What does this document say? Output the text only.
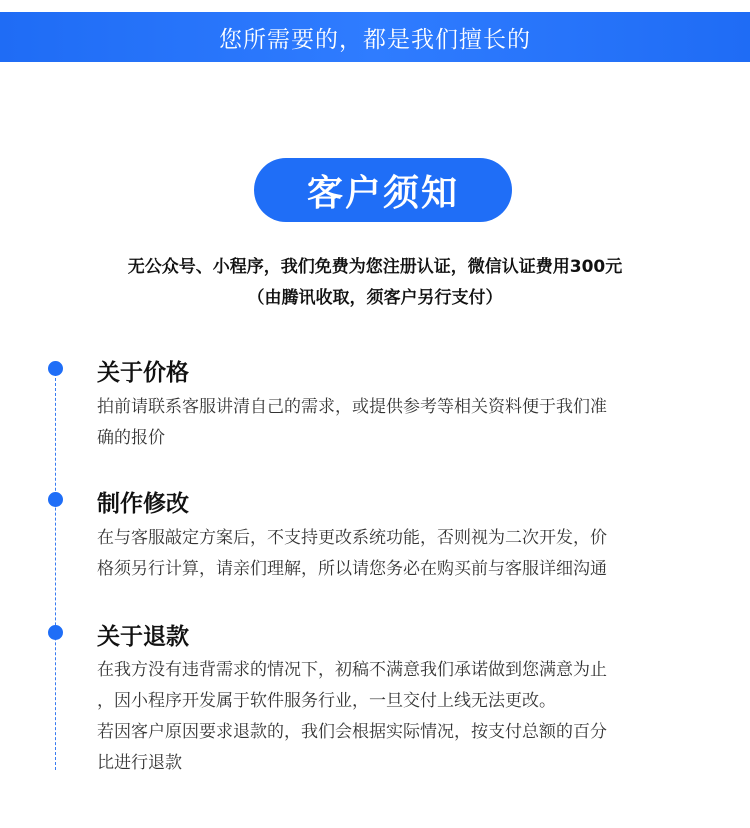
您所需要的，都是我们擅长的
客户须知
无公众号、小程序，我们免费为您注册认证，微信认证费用300元
（由腾讯收取，须客户另行支付）
关于价格
拍前请联系客服讲清自己的需求，或提供参考等相关资料便于我们准
确的报价
制作修改
在与客服敲定方案后，不支持更改系统功能，否则视为二次开发，价
格须另行计算，请亲们理解，所以请您务必在购买前与客服详细沟通
关于退款
在我方没有违背需求的情况下，初稿不满意我们承诺做到您满意为止
，因小程序开发属于软件服务行业，一旦交付上线无法更改。
若因客户原因要求退款的，我们会根据实际情况，按支付总额的百分
比进行退款
